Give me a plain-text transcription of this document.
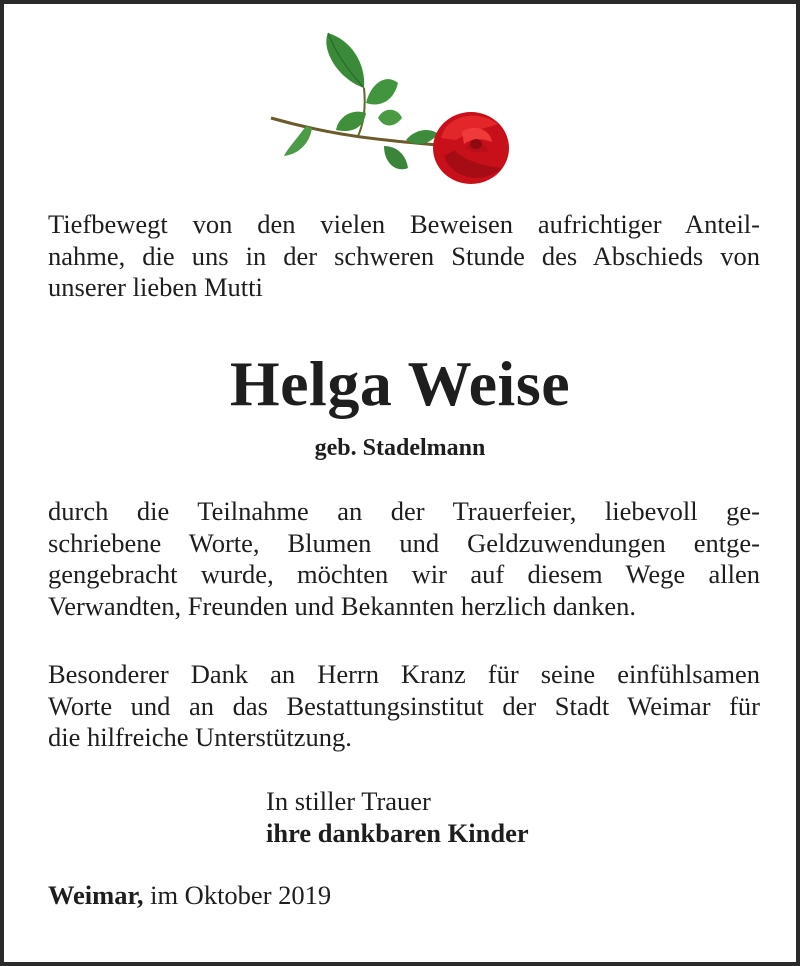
Tiefbewegt von den vielen Beweisen aufrichtiger Anteil-
nahme, die uns in der schweren Stunde des Abschieds von
unserer lieben Mutti

Helga Weise
geb. Stadelmann

durch die Teilnahme an der Trauerfeier, liebevoll ge-
schriebene Worte, Blumen und Geldzuwendungen entge-
gengebracht wurde, möchten wir auf diesem Wege allen
Verwandten, Freunden und Bekannten herzlich danken.

Besonderer Dank an Herrn Kranz für seine einfühlsamen
Worte und an das Bestattungsinstitut der Stadt Weimar für
die hilfreiche Unterstützung.

In stiller Trauer
ihre dankbaren Kinder
Weimar, im Oktober 2019
